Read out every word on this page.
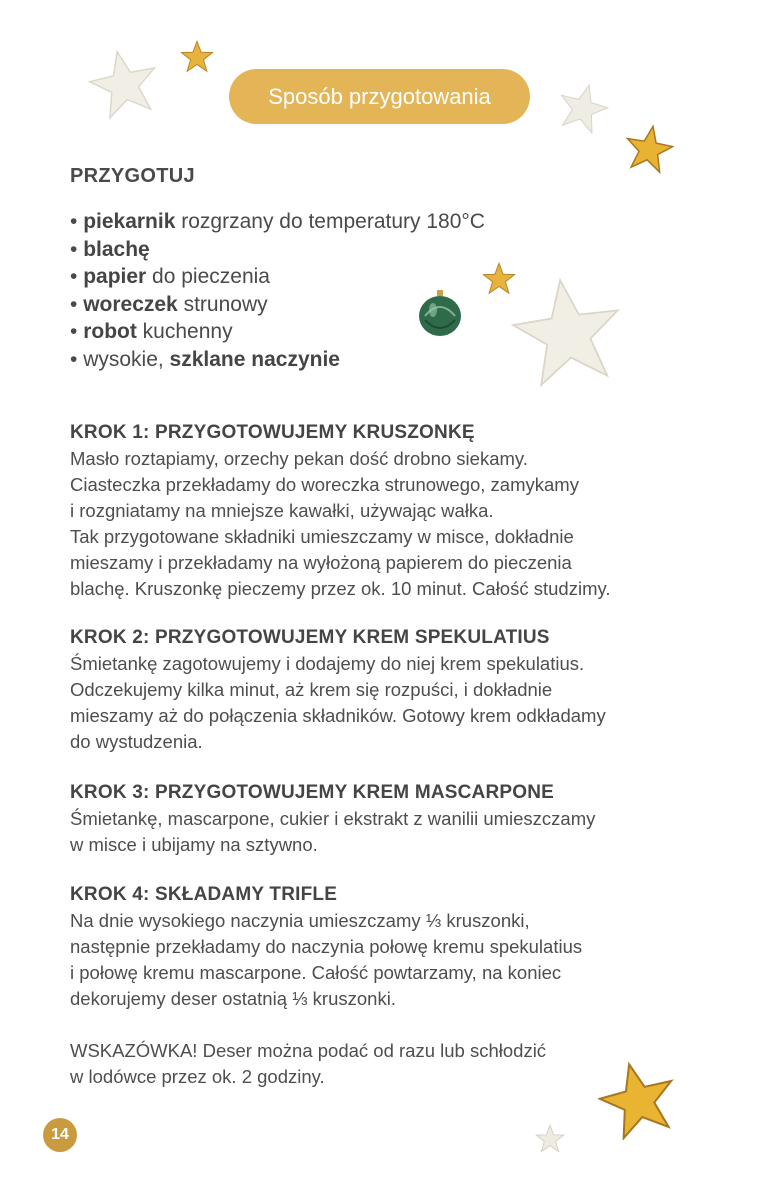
Sposób przygotowania
PRZYGOTUJ
• piekarnik rozgrzany do temperatury 180°C
• blachę
• papier do pieczenia
• woreczek strunowy
• robot kuchenny
• wysokie, szklane naczynie
KROK 1: PRZYGOTOWUJEMY KRUSZONKĘ

Masło roztapiamy, orzechy pekan dość drobno siekamy.
Ciasteczka przekładamy do woreczka strunowego, zamykamy
i rozgniatamy na mniejsze kawałki, używając wałka.
Tak przygotowane składniki umieszczamy w misce, dokładnie
mieszamy i przekładamy na wyłożoną papierem do pieczenia
blachę. Kruszonkę pieczemy przez ok. 10 minut. Całość studzimy.

KROK 2: PRZYGOTOWUJEMY KREM SPEKULATIUS

Śmietankę zagotowujemy i dodajemy do niej krem spekulatius.
Odczekujemy kilka minut, aż krem się rozpuści, i dokładnie
mieszamy aż do połączenia składników. Gotowy krem odkładamy
do wystudzenia.

KROK 3: PRZYGOTOWUJEMY KREM MASCARPONE

Śmietankę, mascarpone, cukier i ekstrakt z wanilii umieszczamy
w misce i ubijamy na sztywno.

KROK 4: SKŁADAMY TRIFLE

Na dnie wysokiego naczynia umieszczamy ⅓ kruszonki,
następnie przekładamy do naczynia połowę kremu spekulatius
i połowę kremu mascarpone. Całość powtarzamy, na koniec
dekorujemy deser ostatnią ⅓ kruszonki.

WSKAZÓWKA! Deser można podać od razu lub schłodzić
w lodówce przez ok. 2 godziny.

14
